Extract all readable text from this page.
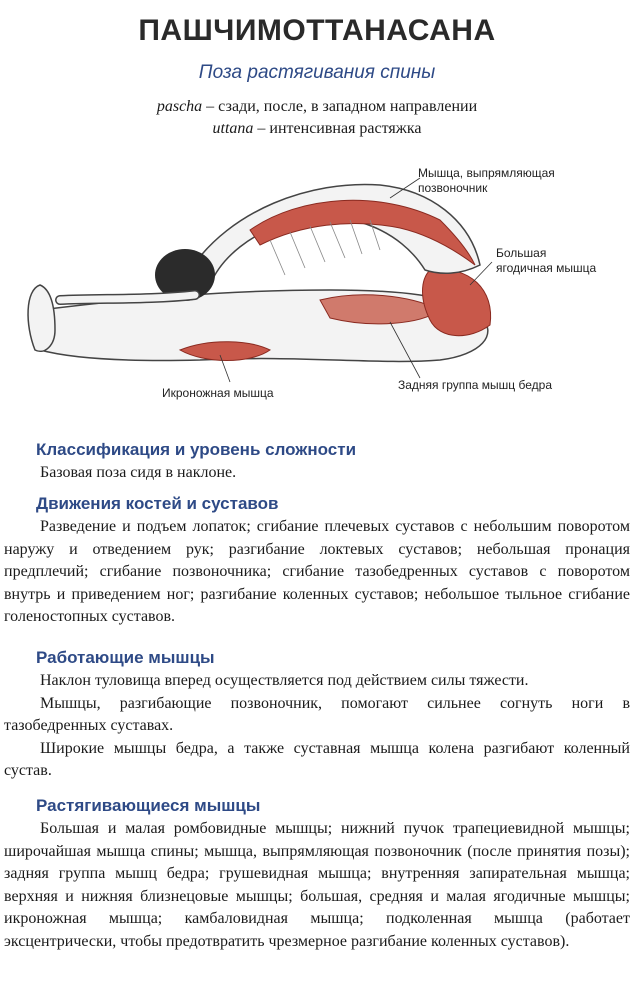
ПАШЧИМОТТАНАСАНА
Поза растягивания спины
pascha – сзади, после, в западном направлении
uttana – интенсивная растяжка
Мышца, выпрямляющая позвоночник
Большая ягодичная мышца
Икроножная мышца
Задняя группа мышц бедра
Классификация и уровень сложности

Базовая поза сидя в наклоне.

Движения костей и суставов

Разведение и подъем лопаток; сгибание плечевых суставов с небольшим поворотом наружу и отведением рук; разгибание локтевых суставов; небольшая пронация предплечий; сгибание позвоночника; сгибание тазобедренных суставов с поворотом внутрь и приведением ног; разгибание коленных суставов; небольшое тыльное сгибание голеностопных суставов.

Работающие мышцы

Наклон туловища вперед осуществляется под действием силы тяжести.

Мышцы, разгибающие позвоночник, помогают сильнее согнуть ноги в тазобедренных суставах.

Широкие мышцы бедра, а также суставная мышца колена разгибают коленный сустав.

Растягивающиеся мышцы

Большая и малая ромбовидные мышцы; нижний пучок трапециевидной мышцы; широчайшая мышца спины; мышца, выпрямляющая позвоночник (после принятия позы); задняя группа мышц бедра; грушевидная мышца; внутренняя запирательная мышца; верхняя и нижняя близнецовые мышцы; большая, средняя и малая ягодичные мышцы; икроножная мышца; камбаловидная мышца; подколенная мышца (работает эксцентрически, чтобы предотвратить чрезмерное разгибание коленных суставов).
